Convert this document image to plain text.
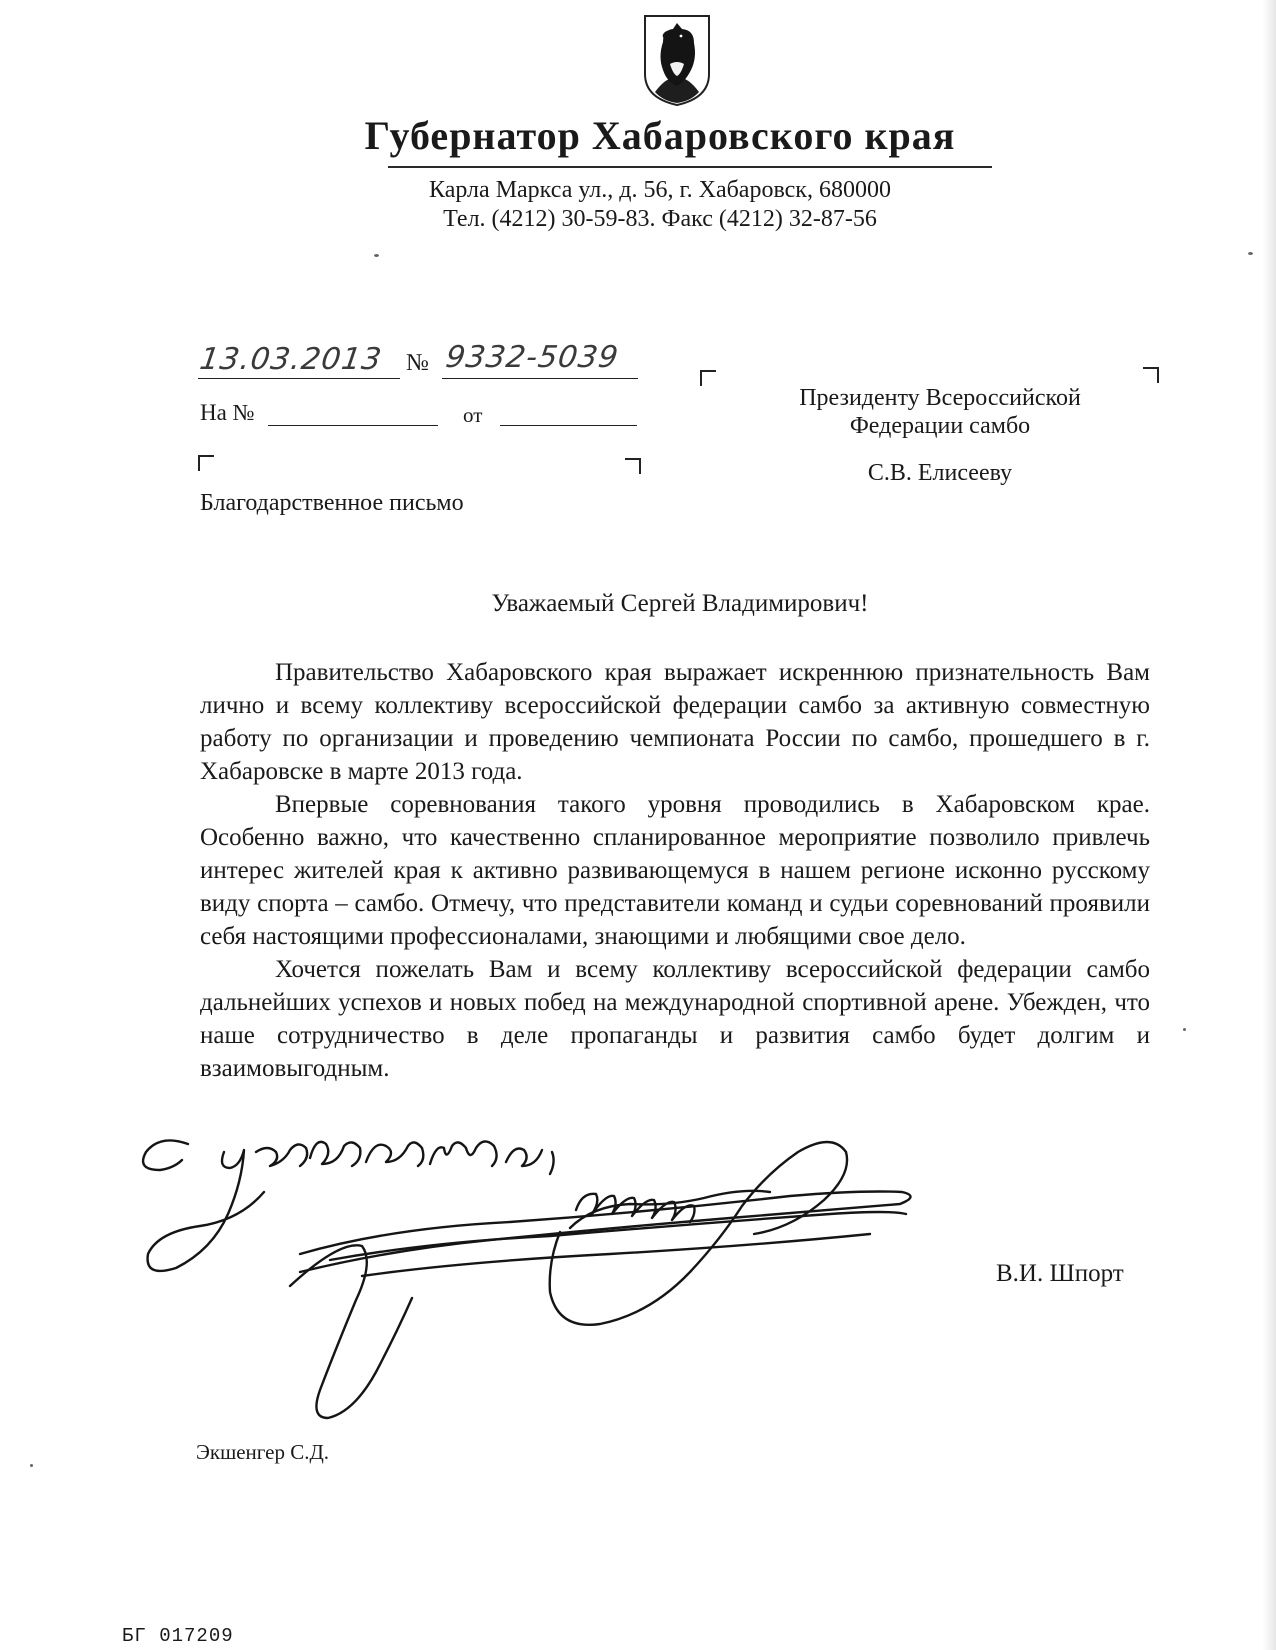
Губернатор Хабаровского края
Карла Маркса ул., д. 56, г. Хабаровск, 680000
Тел. (4212) 30-59-83. Факс (4212) 32-87-56
13.03.2013 № 9332-5039
На №	от
Благодарственное письмо
Президенту Всероссийской
Федерации самбо
С.В. Елисееву
Уважаемый Сергей Владимирович!

Правительство Хабаровского края выражает искреннюю признательность Вам лично и всему коллективу всероссийской федерации самбо за активную совместную работу по организации и проведению чемпионата России по самбо, прошедшего в г. Хабаровске в марте 2013 года.

Впервые соревнования такого уровня проводились в Хабаровском крае. Особенно важно, что качественно спланированное мероприятие позволило привлечь интерес жителей края к активно развивающемуся в нашем регионе исконно русскому виду спорта – самбо. Отмечу, что представители команд и судьи соревнований проявили себя настоящими профессионалами, знающими и любящими свое дело.

Хочется пожелать Вам и всему коллективу всероссийской федерации самбо дальнейших успехов и новых побед на международной спортивной арене. Убежден, что наше сотрудничество в деле пропаганды и развития самбо будет долгим и взаимовыгодным.

В.И. Шпорт
Экшенгер С.Д.
БГ 017209
